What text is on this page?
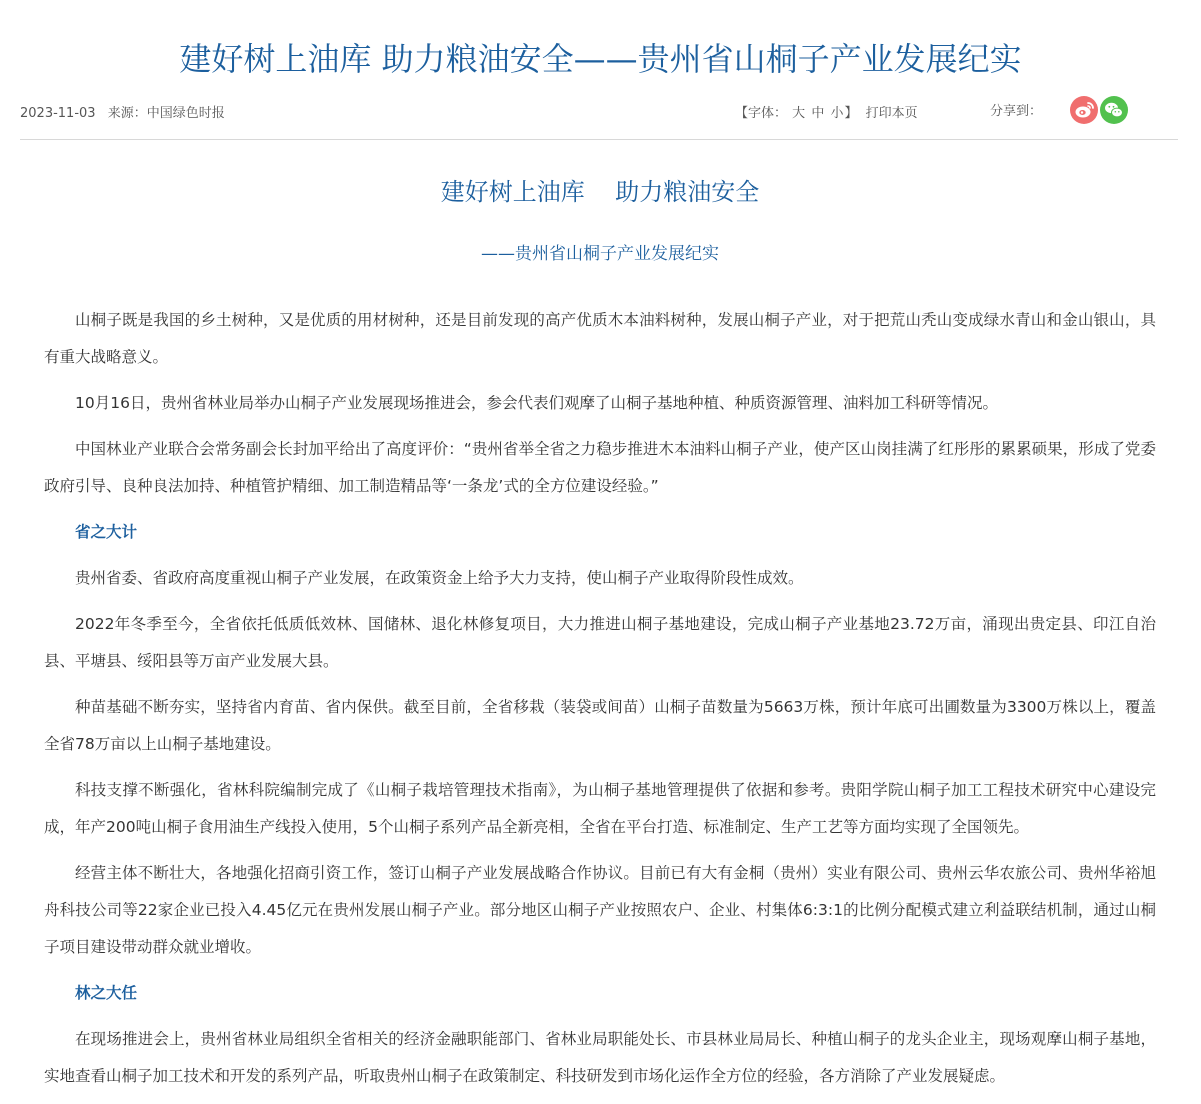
建好树上油库 助力粮油安全——贵州省山桐子产业发展纪实
2023-11-03 来源：中国绿色时报	【字体： 大 中 小】 打印本页	分享到：
建好树上油库    助力粮油安全
——贵州省山桐子产业发展纪实

山桐子既是我国的乡土树种，又是优质的用材树种，还是目前发现的高产优质木本油料树种，发展山桐子产业，对于把荒山秃山变成绿水青山和金山银山，具有重大战略意义。

10月16日，贵州省林业局举办山桐子产业发展现场推进会，参会代表们观摩了山桐子基地种植、种质资源管理、油料加工科研等情况。

中国林业产业联合会常务副会长封加平给出了高度评价：“贵州省举全省之力稳步推进木本油料山桐子产业，使产区山岗挂满了红彤彤的累累硕果，形成了党委政府引导、良种良法加持、种植管护精细、加工制造精品等‘一条龙’式的全方位建设经验。”

省之大计

贵州省委、省政府高度重视山桐子产业发展，在政策资金上给予大力支持，使山桐子产业取得阶段性成效。

2022年冬季至今，全省依托低质低效林、国储林、退化林修复项目，大力推进山桐子基地建设，完成山桐子产业基地23.72万亩，涌现出贵定县、印江自治县、平塘县、绥阳县等万亩产业发展大县。

种苗基础不断夯实，坚持省内育苗、省内保供。截至目前，全省移栽（装袋或间苗）山桐子苗数量为5663万株，预计年底可出圃数量为3300万株以上，覆盖全省78万亩以上山桐子基地建设。

科技支撑不断强化，省林科院编制完成了《山桐子栽培管理技术指南》，为山桐子基地管理提供了依据和参考。贵阳学院山桐子加工工程技术研究中心建设完成，年产200吨山桐子食用油生产线投入使用，5个山桐子系列产品全新亮相，全省在平台打造、标准制定、生产工艺等方面均实现了全国领先。

经营主体不断壮大，各地强化招商引资工作，签订山桐子产业发展战略合作协议。目前已有大有金桐（贵州）实业有限公司、贵州云华农旅公司、贵州华裕旭舟科技公司等22家企业已投入4.45亿元在贵州发展山桐子产业。部分地区山桐子产业按照农户、企业、村集体6:3:1的比例分配模式建立利益联结机制，通过山桐子项目建设带动群众就业增收。

林之大任

在现场推进会上，贵州省林业局组织全省相关的经济金融职能部门、省林业局职能处长、市县林业局局长、种植山桐子的龙头企业主，现场观摩山桐子基地，实地查看山桐子加工技术和开发的系列产品，听取贵州山桐子在政策制定、科技研发到市场化运作全方位的经验，各方消除了产业发展疑虑。
